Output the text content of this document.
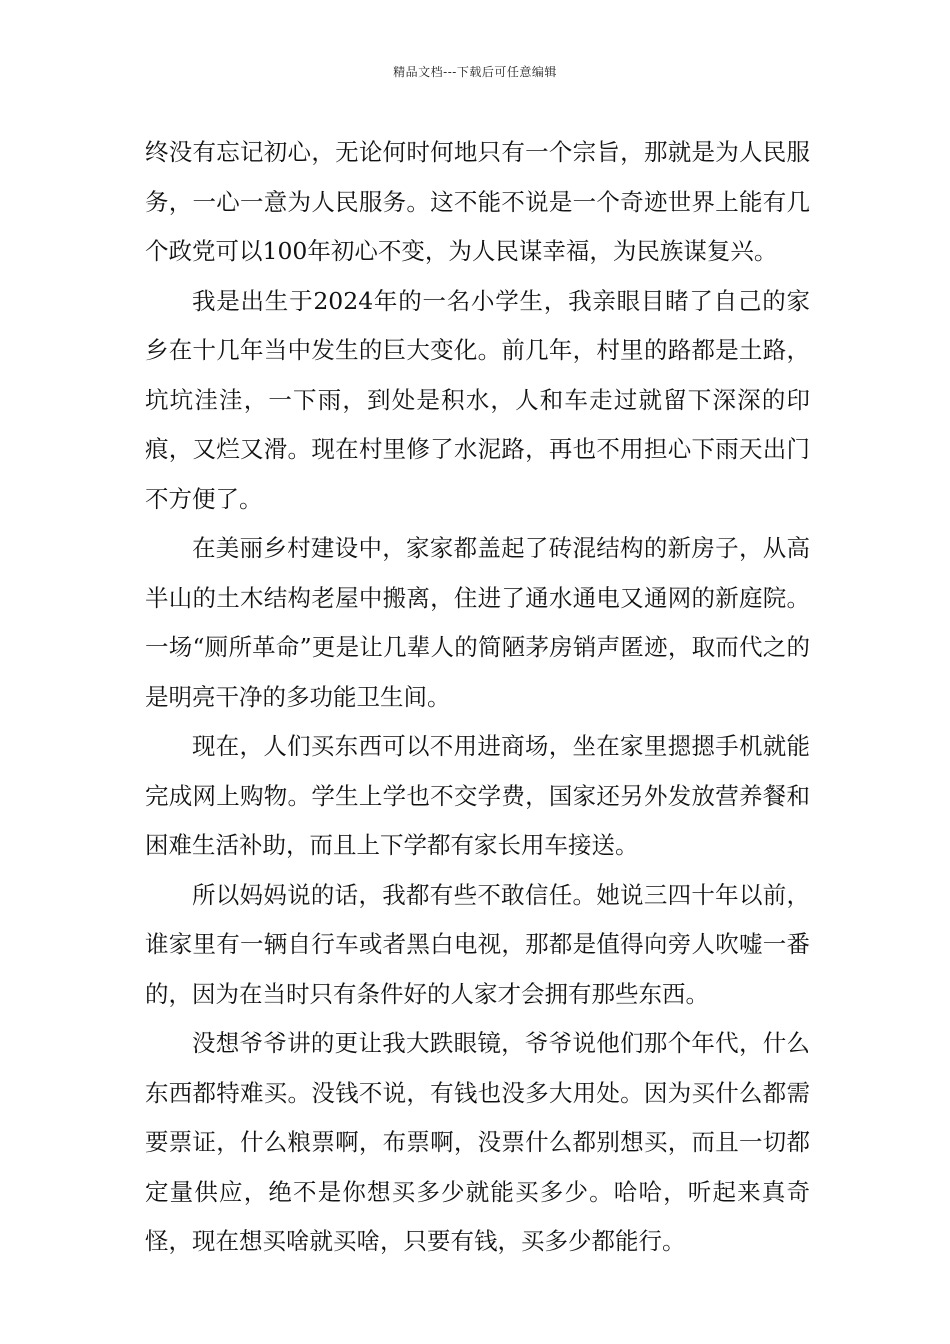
精品文档---下载后可任意编辑

终没有忘记初心，无论何时何地只有一个宗旨，那就是为人民服务，一心一意为人民服务。这不能不说是一个奇迹世界上能有几个政党可以100年初心不变，为人民谋幸福，为民族谋复兴。

我是出生于2024年的一名小学生，我亲眼目睹了自己的家乡在十几年当中发生的巨大变化。前几年，村里的路都是土路，坑坑洼洼，一下雨，到处是积水，人和车走过就留下深深的印痕，又烂又滑。现在村里修了水泥路，再也不用担心下雨天出门不方便了。

在美丽乡村建设中，家家都盖起了砖混结构的新房子，从高半山的土木结构老屋中搬离，住进了通水通电又通网的新庭院。一场“厕所革命”更是让几辈人的简陋茅房销声匿迹，取而代之的是明亮干净的多功能卫生间。

现在，人们买东西可以不用进商场，坐在家里摁摁手机就能完成网上购物。学生上学也不交学费，国家还另外发放营养餐和困难生活补助，而且上下学都有家长用车接送。

所以妈妈说的话，我都有些不敢信任。她说三四十年以前，谁家里有一辆自行车或者黑白电视，那都是值得向旁人吹嘘一番的，因为在当时只有条件好的人家才会拥有那些东西。

没想爷爷讲的更让我大跌眼镜，爷爷说他们那个年代，什么东西都特难买。没钱不说，有钱也没多大用处。因为买什么都需要票证，什么粮票啊，布票啊，没票什么都别想买，而且一切都定量供应，绝不是你想买多少就能买多少。哈哈，听起来真奇怪，现在想买啥就买啥，只要有钱，买多少都能行。
